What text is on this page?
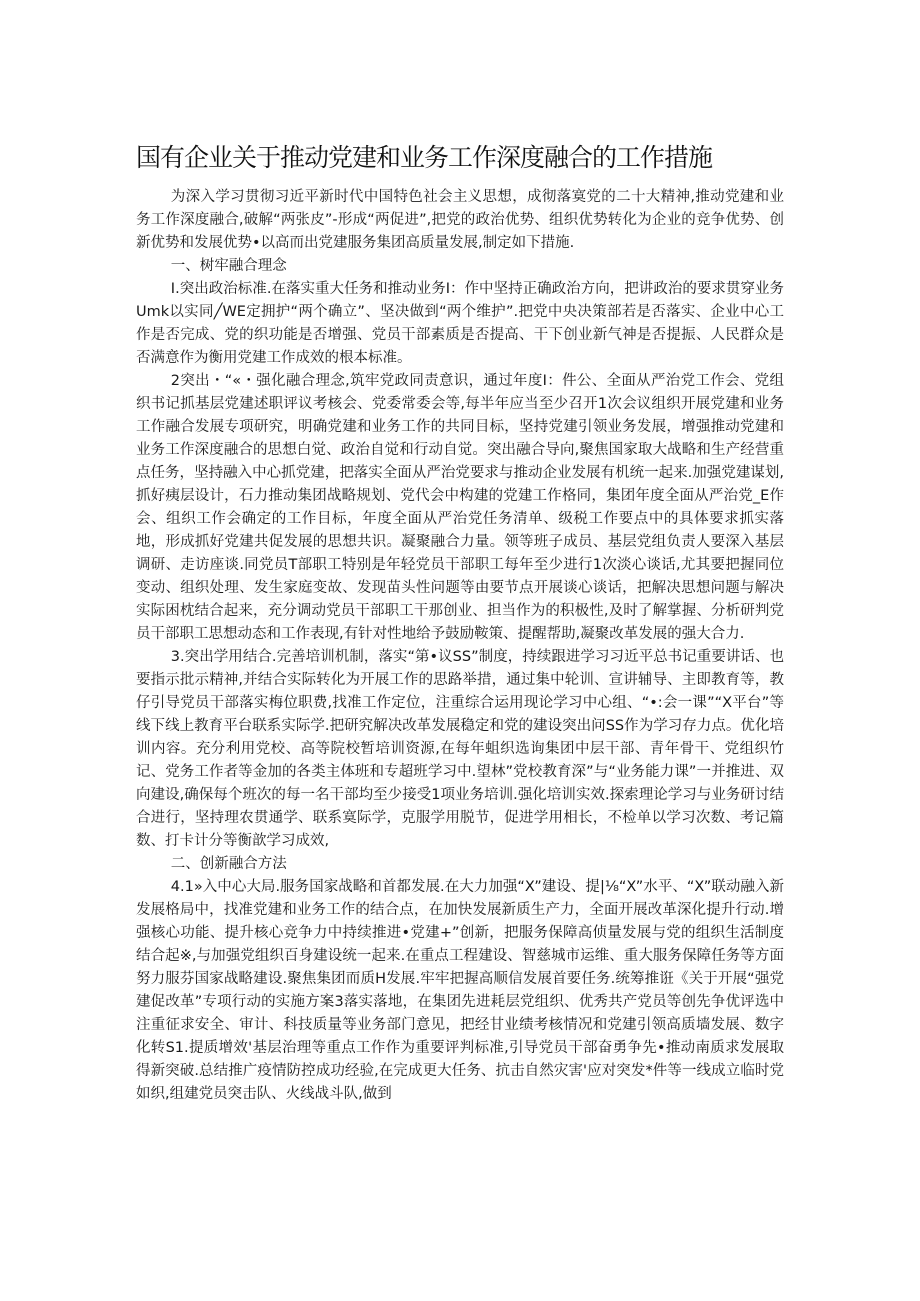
国有企业关于推动党建和业务工作深度融合的工作措施

为深入学习贯彻习近平新时代中国特色社会主义思想，成彻落寞党的二十大精神,推动党建和业务工作深度融合,破解“两张皮”-形成“两促进”,把党的政治优势、组织优势转化为企业的竞争优势、创新优势和发展优势•以高而出党建服务集团高质量发展,制定如下措施.

一、树牢融合理念

I.突出政治标准.在落实重大任务和推动业务I：作中坚持正确政治方向，把讲政治的要求贯穿业务Umk以实同╱WE定拥护“两个确立”、坚决做到“两个维护”.把党中央决策部若是否落实、企业中心工作是否完成、党的织功能是否增强、党员干部素质是否提高、干下创业新气神是否提振、人民群众是否满意作为衡用党建工作成效的根本标准。

2突出・“«・强化融合理念,筑牢党政同责意识，通过年度I：件公、全面从严治党工作会、党组织书记抓基层党建述职评议考核会、党委常委会等,每半年应当至少召开1次会议组织开展党建和业务工作融合发展专项研究，明确党建和业务工作的共同目标，坚持党建引领业务发展，增强推动党建和业务工作深度融合的思想白觉、政治自觉和行动自觉。突出融合导向,聚焦国家取大战略和生产经营重点任务，坚持融入中心抓党建，把落实全面从严治党要求与推动企业发展有机统一起来.加强党建谋划,抓好痍层设计，石力推动集团战略规划、党代会中构建的党建工作格同，集团年度全面从严治党_E作会、组织工作会确定的工作目标，年度全面从严治党任务清单、级税工作要点中的具体要求抓实落地，形成抓好党建共促发展的思想共识。凝聚融合力量。领等班子成员、基层党组负责人要深入基层调研、走访座谈.同党员T部职工特别是年轻党员干部职工每年至少进行1次淡心谈话,尤其要把握同位变动、组织处理、发生家庭变故、发现苗头性问题等由要节点开展谈心谈话，把解决思想问题与解决实际困枕结合起来，充分调动党员干部职工干那创业、担当作为的积极性,及时了解掌握、分析研判党员干部职工思想动态和工作表现,有针对性地给予鼓励鞍策、提醒帮助,凝聚改革发展的强大合力.

3.突出学用结合.完善培训机制，落实“第•议SS”制度，持续跟进学习习近平总书记重要讲话、也要指示批示精神,并结合实际转化为开展工作的思路举措，通过集中轮训、宣讲辅导、主即教育等，教仔引导党员干部落实梅位职费,找准工作定位，注重综合运用现论学习中心组、“•:会一课”“X平台”等线下线上教育平台联系实际学.把研究解决改革发展稳定和党的建设突出问SS作为学习存力点。优化培训内容。充分利用党校、高等院校暂培训资源,在每年蛆织选询集团中层干部、青年骨干、党组织竹记、党务工作者等金加的各类主体班和专超班学习中.望林”党校教育深”与“业务能力课”一并推进、双向建设,确保每个班次的每一名干部均至少接受1项业务培训.强化培训实效.探索理论学习与业务研讨结合进行，坚持理农贯通学、联系寞际学，克服学用脱节，促进学用相长，不检单以学习次数、考记篇数、打卡计分等衡歆学习成效,

二、创新融合方法

4.1»入中心大局.服务国家战略和首都发展.在大力加强“X”建设、提|⅛“X”水平、“X”联动融入新发展格局中，找准党建和业务工作的结合点，在加快发展新质生产力，全面开展改革深化提升行动.增强核心功能、提升核心竞争力中持续推进•党建+”创新，把服务保障高侦量发展与党的组织生活制度结合起※,与加强党组织百身建设统一起来.在重点工程建设、智慈城市运维、重大服务保障任务等方面努力服芬国家战略建设.聚焦集团而质H发展.牢牢把握高顺信发展首要任务.统筹推诳《关于开展“强党建促改革”专项行动的实施方案3落实落地，在集团先进耗层党组织、优秀共产党员等创先争优评选中注重征求安全、审计、科技质量等业务部门意见，把经甘业绩考核情况和党建引领高质墙发展、数字化转S1.提质增效'基层治理等重点工作作为重要评判标准,引导党员干部奋勇争先•推动南质求发展取得新突破.总结推广疫情防控成功经验,在完成更大任务、抗击自然灾害'应对突发*件等一线成立临时党如织,组建党员突击队、火线战斗队,做到
